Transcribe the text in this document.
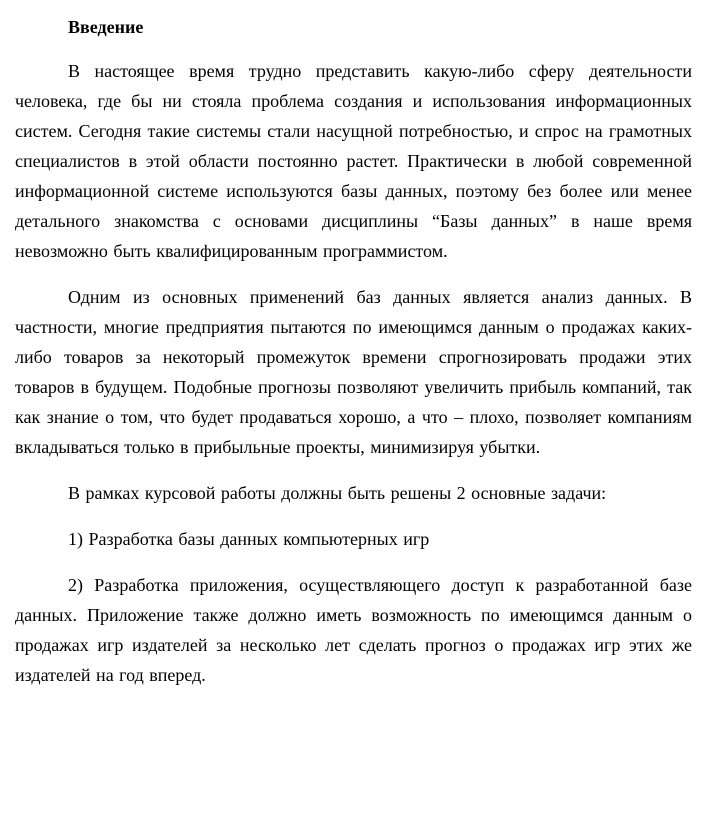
Введение

В настоящее время трудно представить какую-либо сферу деятельности человека, где бы ни стояла проблема создания и использования информационных систем. Сегодня такие системы стали насущной потребностью, и спрос на грамотных специалистов в этой области постоянно растет. Практически в любой современной информационной системе используются базы данных, поэтому без более или менее детального знакомства с основами дисциплины “Базы данных” в наше время невозможно быть квалифицированным программистом.

Одним из основных применений баз данных является анализ данных. В частности, многие предприятия пытаются по имеющимся данным о продажах каких-либо товаров за некоторый промежуток времени спрогнозировать продажи этих товаров в будущем. Подобные прогнозы позволяют увеличить прибыль компаний, так как знание о том, что будет продаваться хорошо, а что – плохо, позволяет компаниям вкладываться только в прибыльные проекты, минимизируя убытки.

В рамках курсовой работы должны быть решены 2 основные задачи:

1) Разработка базы данных компьютерных игр

2) Разработка приложения, осуществляющего доступ к разработанной базе данных. Приложение также должно иметь возможность по имеющимся данным о продажах игр издателей за несколько лет сделать прогноз о продажах игр этих же издателей на год вперед.
